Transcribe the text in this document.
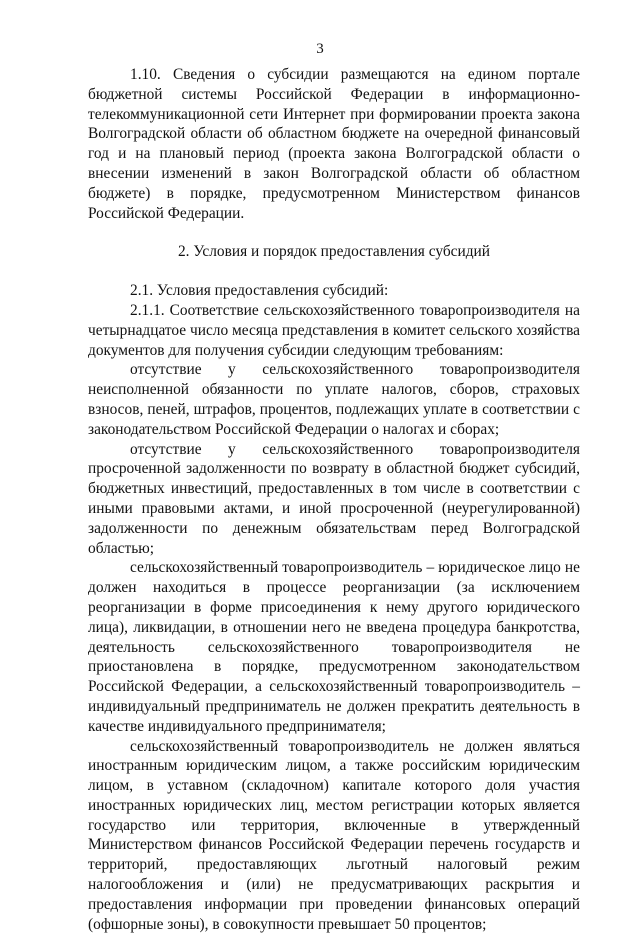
3

1.10. Сведения о субсидии размещаются на едином портале бюджетной системы Российской Федерации в информационно-телекоммуникационной сети Интернет при формировании проекта закона Волгоградской области об областном бюджете на очередной финансовый год и на плановый период (проекта закона Волгоградской области о внесении изменений в закон Волгоградской области об областном бюджете) в порядке, предусмотренном Министерством финансов Российской Федерации.

2. Условия и порядок предоставления субсидий

2.1. Условия предоставления субсидий:

2.1.1. Соответствие сельскохозяйственного товаропроизводителя на четырнадцатое число месяца представления в комитет сельского хозяйства документов для получения субсидии следующим требованиям:

отсутствие у сельскохозяйственного товаропроизводителя неисполненной обязанности по уплате налогов, сборов, страховых взносов, пеней, штрафов, процентов, подлежащих уплате в соответствии с законодательством Российской Федерации о налогах и сборах;

отсутствие у сельскохозяйственного товаропроизводителя просроченной задолженности по возврату в областной бюджет субсидий, бюджетных инвестиций, предоставленных в том числе в соответствии с иными правовыми актами, и иной просроченной (неурегулированной) задолженности по денежным обязательствам перед Волгоградской областью;

сельскохозяйственный товаропроизводитель – юридическое лицо не должен находиться в процессе реорганизации (за исключением реорганизации в форме присоединения к нему другого юридического лица), ликвидации, в отношении него не введена процедура банкротства, деятельность сельскохозяйственного товаропроизводителя не приостановлена в порядке, предусмотренном законодательством Российской Федерации, а сельскохозяйственный товаропроизводитель – индивидуальный предприниматель не должен прекратить деятельность в качестве индивидуального предпринимателя;

сельскохозяйственный товаропроизводитель не должен являться иностранным юридическим лицом, а также российским юридическим лицом, в уставном (складочном) капитале которого доля участия иностранных юридических лиц, местом регистрации которых является государство или территория, включенные в утвержденный Министерством финансов Российской Федерации перечень государств и территорий, предоставляющих льготный налоговый режим налогообложения и (или) не предусматривающих раскрытия и предоставления информации при проведении финансовых операций (офшорные зоны), в совокупности превышает 50 процентов;
